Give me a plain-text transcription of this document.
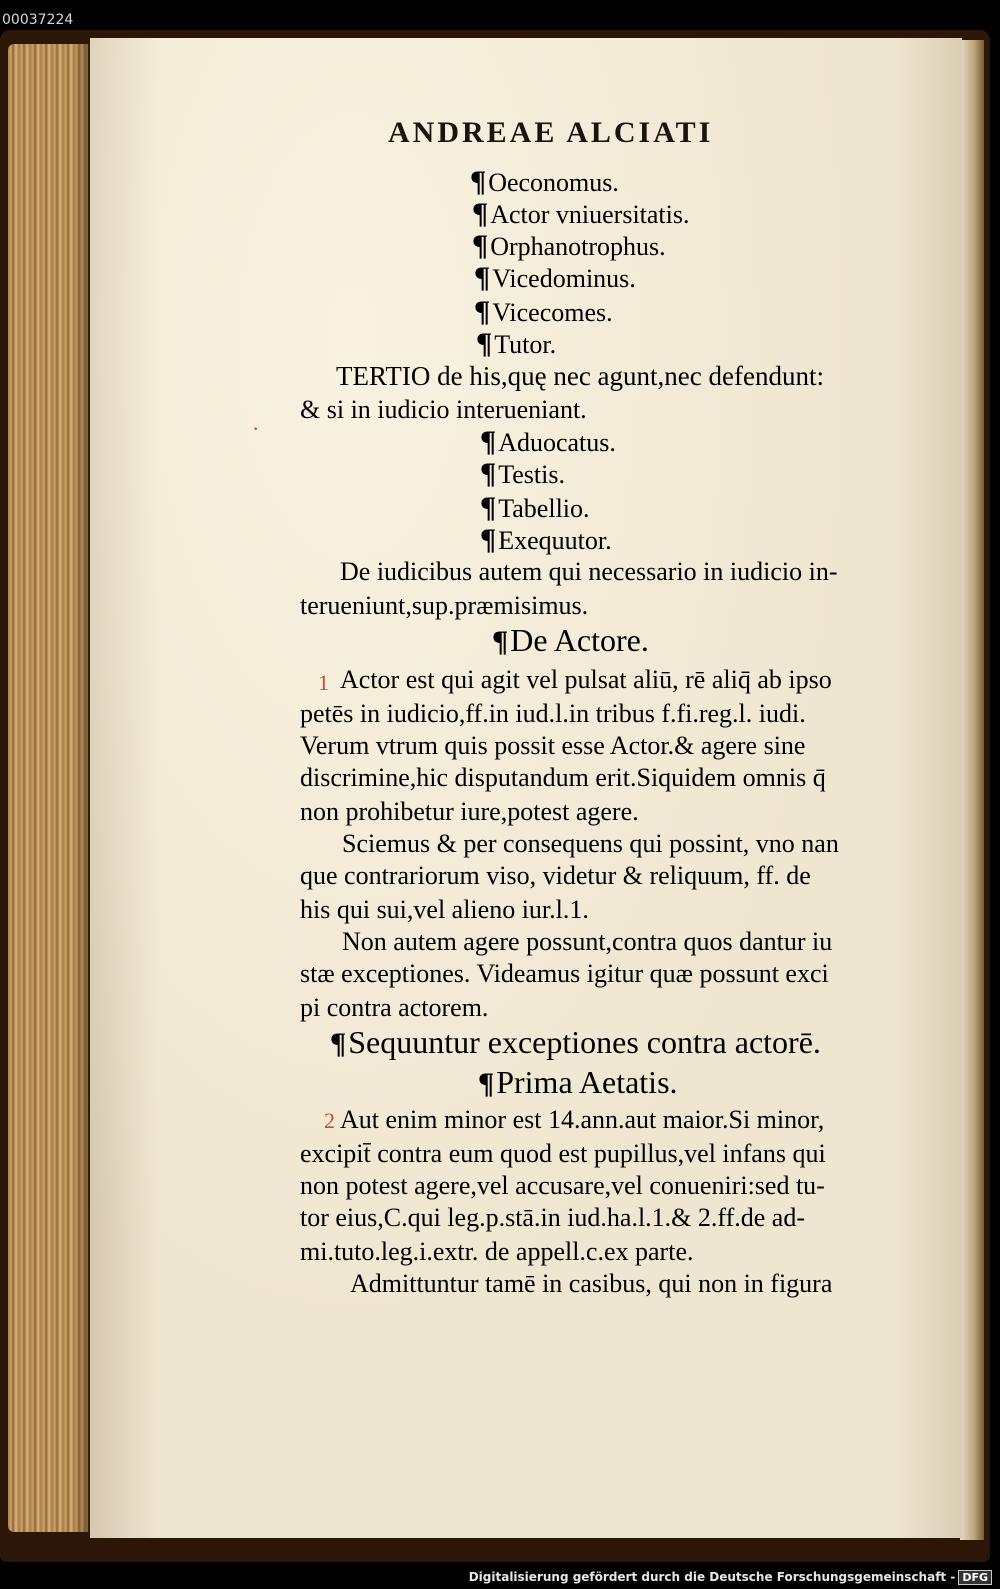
00037224
ANDREAE ALCIATI
·
1
2
¶Oeconomus.
¶Actor vniuersitatis.
¶Orphanotrophus.
¶Vicedominus.
¶Vicecomes.
¶Tutor.
TERTIO de his,quę nec agunt,nec defendunt:
& si in iudicio interueniant.
¶Aduocatus.
¶Testis.
¶Tabellio.
¶Exequutor.
De iudicibus autem qui necessario in iudicio in-
terueniunt,sup.præmisimus.
¶De Actore.
Actor est qui agit vel pulsat aliū, rē aliq̄ ab ipso
petēs in iudicio,ff.in iud.l.in tribus f.fi.reg.l. iudi.
Verum vtrum quis possit esse Actor.& agere sine
discrimine,hic disputandum erit.Siquidem omnis q̄
non prohibetur iure,potest agere.
Sciemus & per consequens qui possint, vno nan
que contrariorum viso, videtur & reliquum, ff. de
his qui sui,vel alieno iur.l.1.
Non autem agere possunt,contra quos dantur iu
stæ exceptiones. Videamus igitur quæ possunt exci
pi contra actorem.
¶Sequuntur exceptiones contra actorē.
¶Prima Aetatis.
Aut enim minor est 14.ann.aut maior.Si minor,
excipit̄ contra eum quod est pupillus,vel infans qui
non potest agere,vel accusare,vel conueniri:sed tu-
tor eius,C.qui leg.p.stā.in iud.ha.l.1.& 2.ff.de ad-
mi.tuto.leg.i.extr. de appell.c.ex parte.
Admittuntur tamē in casibus, qui non in figura
Digitalisierung gefördert durch die Deutsche Forschungsgemeinschaft - DFG
